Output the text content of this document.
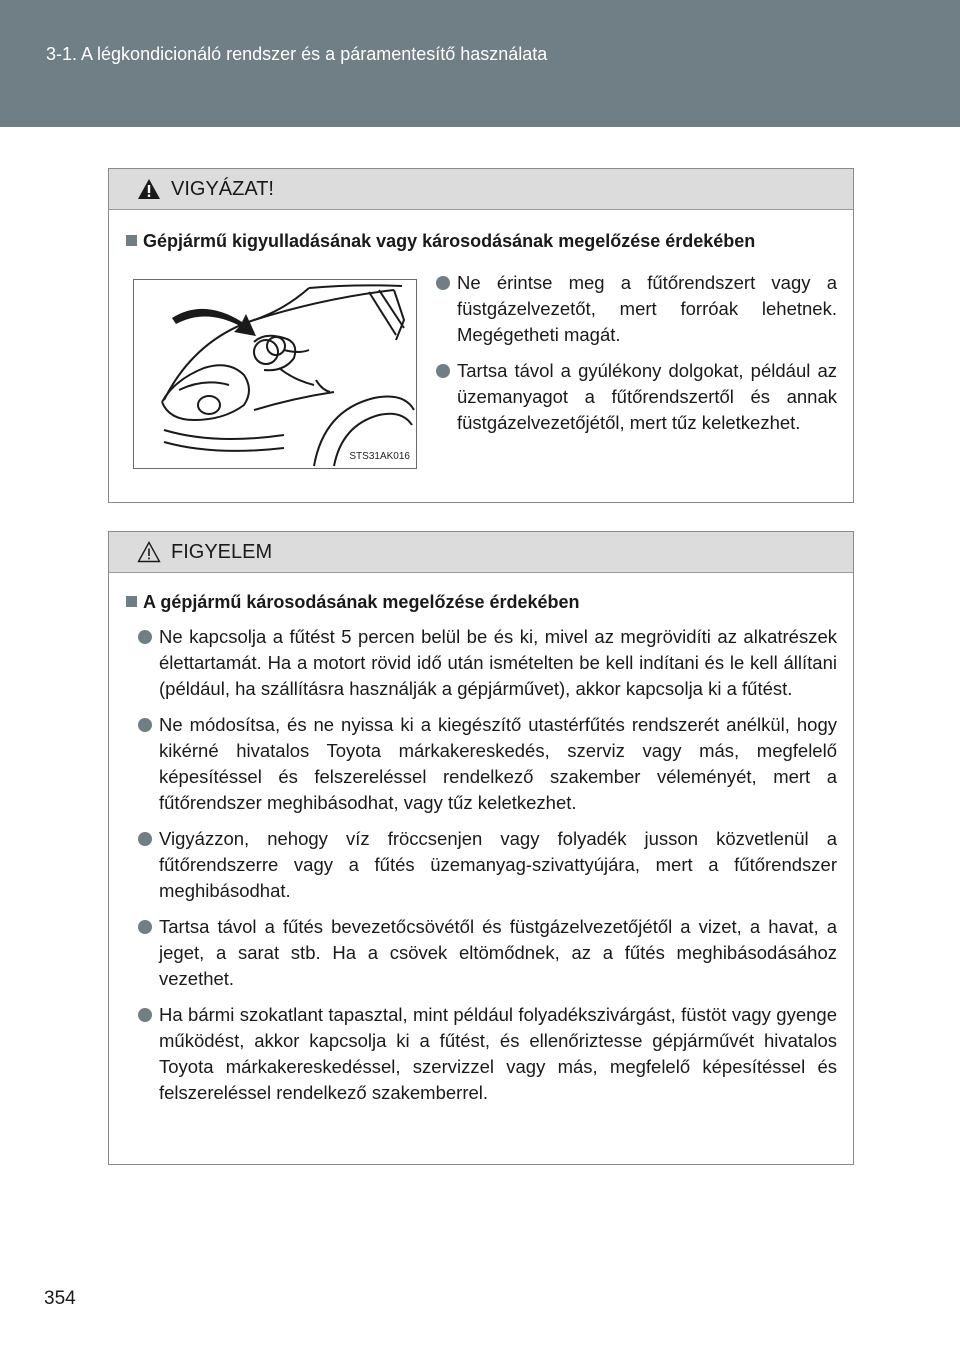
3-1. A légkondicionáló rendszer és a páramentesítő használata
VIGYÁZAT!
Gépjármű kigyulladásának vagy károsodásának megelőzése érdekében
STS31AK016
Ne érintse meg a fűtőrendszert vagy a füstgázelvezetőt, mert forróak lehetnek. Megégetheti magát.
Tartsa távol a gyúlékony dolgokat, például az üzemanyagot a fűtőrendszertől és annak füstgázelvezetőjétől, mert tűz keletkezhet.
FIGYELEM
A gépjármű károsodásának megelőzése érdekében
Ne kapcsolja a fűtést 5 percen belül be és ki, mivel az megrövidíti az alkatrészek élettartamát. Ha a motort rövid idő után ismételten be kell indítani és le kell állítani (például, ha szállításra használják a gépjárművet), akkor kapcsolja ki a fűtést.
Ne módosítsa, és ne nyissa ki a kiegészítő utastérfűtés rendszerét anélkül, hogy kikérné hivatalos Toyota márkakereskedés, szerviz vagy más, megfelelő képesítéssel és felszereléssel rendelkező szakember véleményét, mert a fűtőrendszer meghibásodhat, vagy tűz keletkezhet.
Vigyázzon, nehogy víz fröccsenjen vagy folyadék jusson közvetlenül a fűtőrendszerre vagy a fűtés üzemanyag-szivattyújára, mert a fűtőrendszer meghibásodhat.
Tartsa távol a fűtés bevezetőcsövétől és füstgázelvezetőjétől a vizet, a havat, a jeget, a sarat stb. Ha a csövek eltömődnek, az a fűtés meghibásodásához vezethet.
Ha bármi szokatlant tapasztal, mint például folyadékszivárgást, füstöt vagy gyenge működést, akkor kapcsolja ki a fűtést, és ellenőriztesse gépjárművét hivatalos Toyota márkakereskedéssel, szervizzel vagy más, megfelelő képesítéssel és felszereléssel rendelkező szakemberrel.
354
